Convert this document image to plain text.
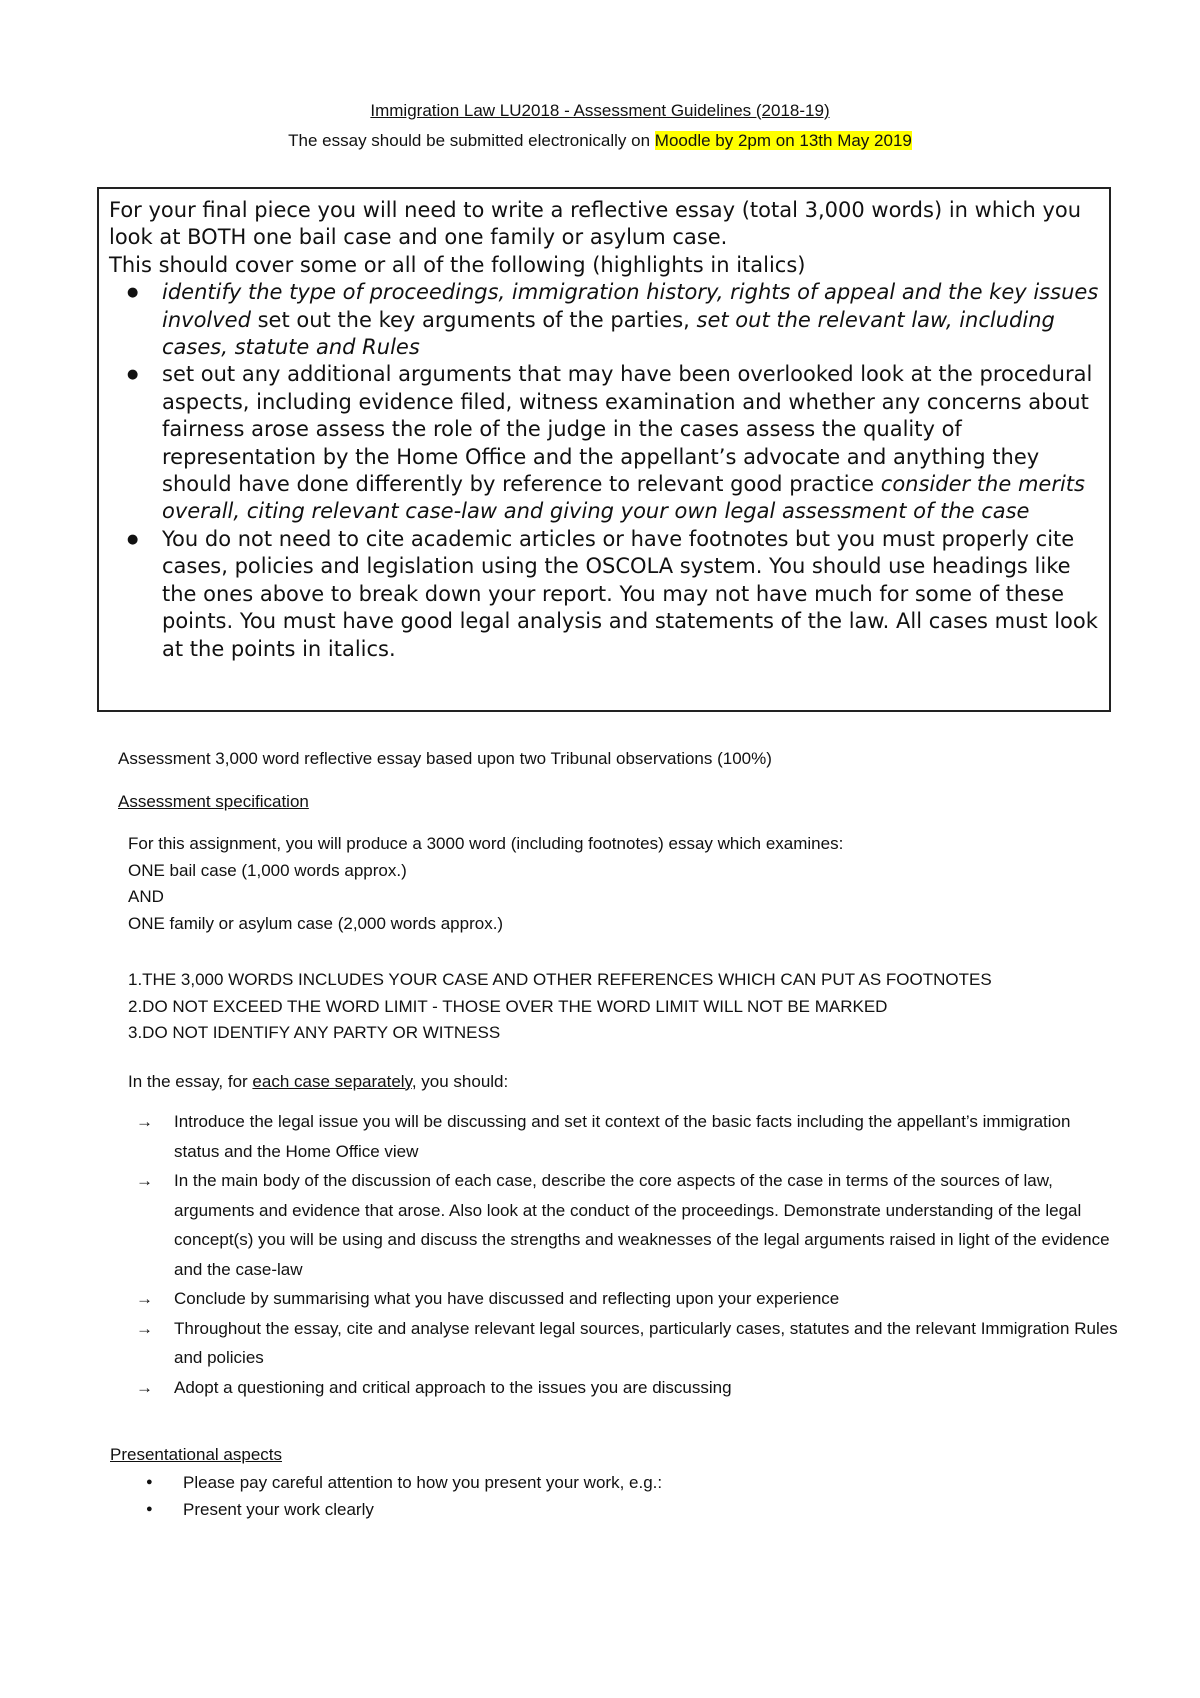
Immigration Law LU2018 - Assessment Guidelines (2018-19)
The essay should be submitted electronically on Moodle by 2pm on 13th May 2019

For your final piece you will need to write a reflective essay (total 3,000 words) in which you look at BOTH one bail case and one family or asylum case.

This should cover some or all of the following (highlights in italics)

● identify the type of proceedings, immigration history, rights of appeal and the key issues involved set out the key arguments of the parties, set out the relevant law, including cases, statute and Rules
● set out any additional arguments that may have been overlooked look at the procedural aspects, including evidence filed, witness examination and whether any concerns about fairness arose assess the role of the judge in the cases assess the quality of representation by the Home Office and the appellant’s advocate and anything they should have done differently by reference to relevant good practice consider the merits overall, citing relevant case-law and giving your own legal assessment of the case
● You do not need to cite academic articles or have footnotes but you must properly cite cases, policies and legislation using the OSCOLA system. You should use headings like the ones above to break down your report. You may not have much for some of these points. You must have good legal analysis and statements of the law. All cases must look at the points in italics.

Assessment 3,000 word reflective essay based upon two Tribunal observations (100%)

Assessment specification

For this assignment, you will produce a 3000 word (including footnotes) essay which examines:

ONE bail case (1,000 words approx.)

AND

ONE family or asylum case (2,000 words approx.)

1.THE 3,000 WORDS INCLUDES YOUR CASE AND OTHER REFERENCES WHICH CAN PUT AS FOOTNOTES

2.DO NOT EXCEED THE WORD LIMIT - THOSE OVER THE WORD LIMIT WILL NOT BE MARKED

3.DO NOT IDENTIFY ANY PARTY OR WITNESS

In the essay, for each case separately, you should:

→ Introduce the legal issue you will be discussing and set it context of the basic facts including the appellant’s immigration status and the Home Office view
→ In the main body of the discussion of each case, describe the core aspects of the case in terms of the sources of law, arguments and evidence that arose. Also look at the conduct of the proceedings. Demonstrate understanding of the legal concept(s) you will be using and discuss the strengths and weaknesses of the legal arguments raised in light of the evidence and the case-law
→ Conclude by summarising what you have discussed and reflecting upon your experience
→ Throughout the essay, cite and analyse relevant legal sources, particularly cases, statutes and the relevant Immigration Rules and policies
→ Adopt a questioning and critical approach to the issues you are discussing

Presentational aspects

● Please pay careful attention to how you present your work, e.g.:
● Present your work clearly
